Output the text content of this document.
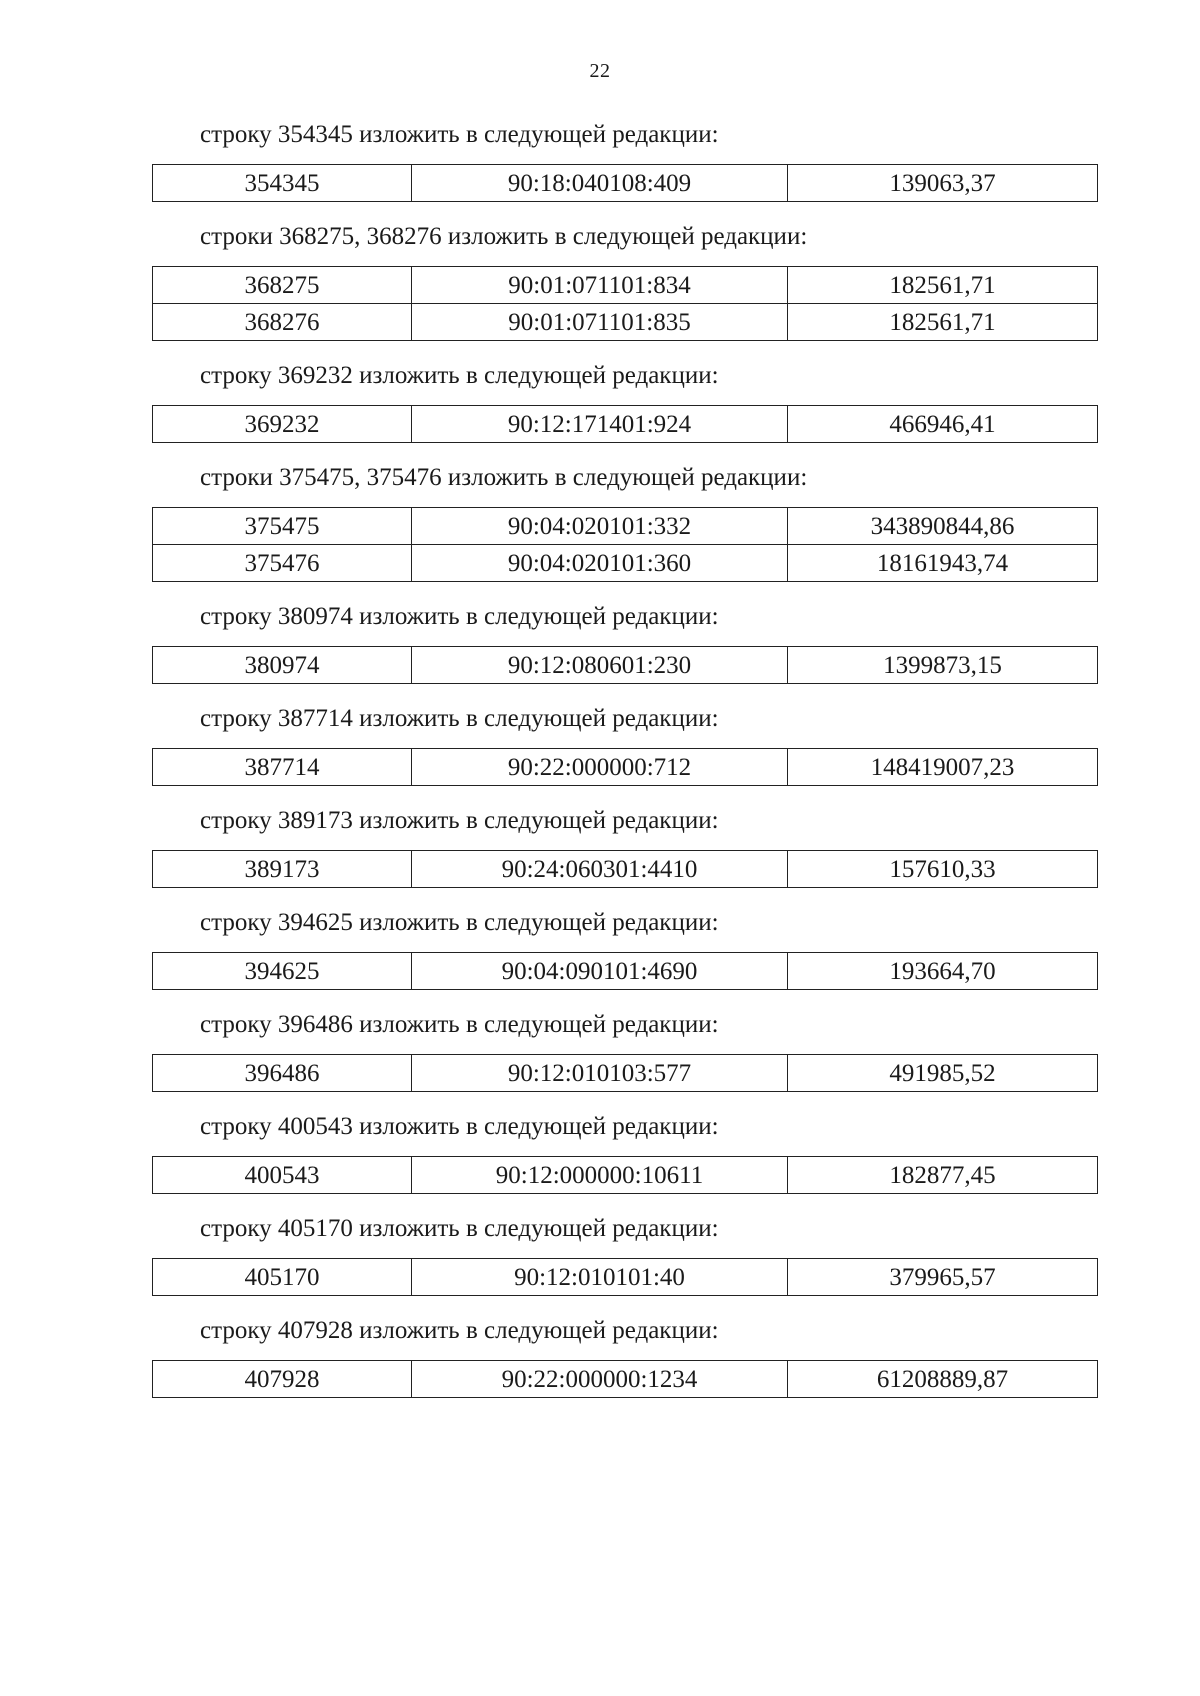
22
строку 354345 изложить в следующей редакции:
354345	90:18:040108:409	139063,37
строки 368275, 368276 изложить в следующей редакции:
368275	90:01:071101:834	182561,71
368276	90:01:071101:835	182561,71
строку 369232 изложить в следующей редакции:
369232	90:12:171401:924	466946,41
строки 375475, 375476 изложить в следующей редакции:
375475	90:04:020101:332	343890844,86
375476	90:04:020101:360	18161943,74
строку 380974 изложить в следующей редакции:
380974	90:12:080601:230	1399873,15
строку 387714 изложить в следующей редакции:
387714	90:22:000000:712	148419007,23
строку 389173 изложить в следующей редакции:
389173	90:24:060301:4410	157610,33
строку 394625 изложить в следующей редакции:
394625	90:04:090101:4690	193664,70
строку 396486 изложить в следующей редакции:
396486	90:12:010103:577	491985,52
строку 400543 изложить в следующей редакции:
400543	90:12:000000:10611	182877,45
строку 405170 изложить в следующей редакции:
405170	90:12:010101:40	379965,57
строку 407928 изложить в следующей редакции:
407928	90:22:000000:1234	61208889,87
